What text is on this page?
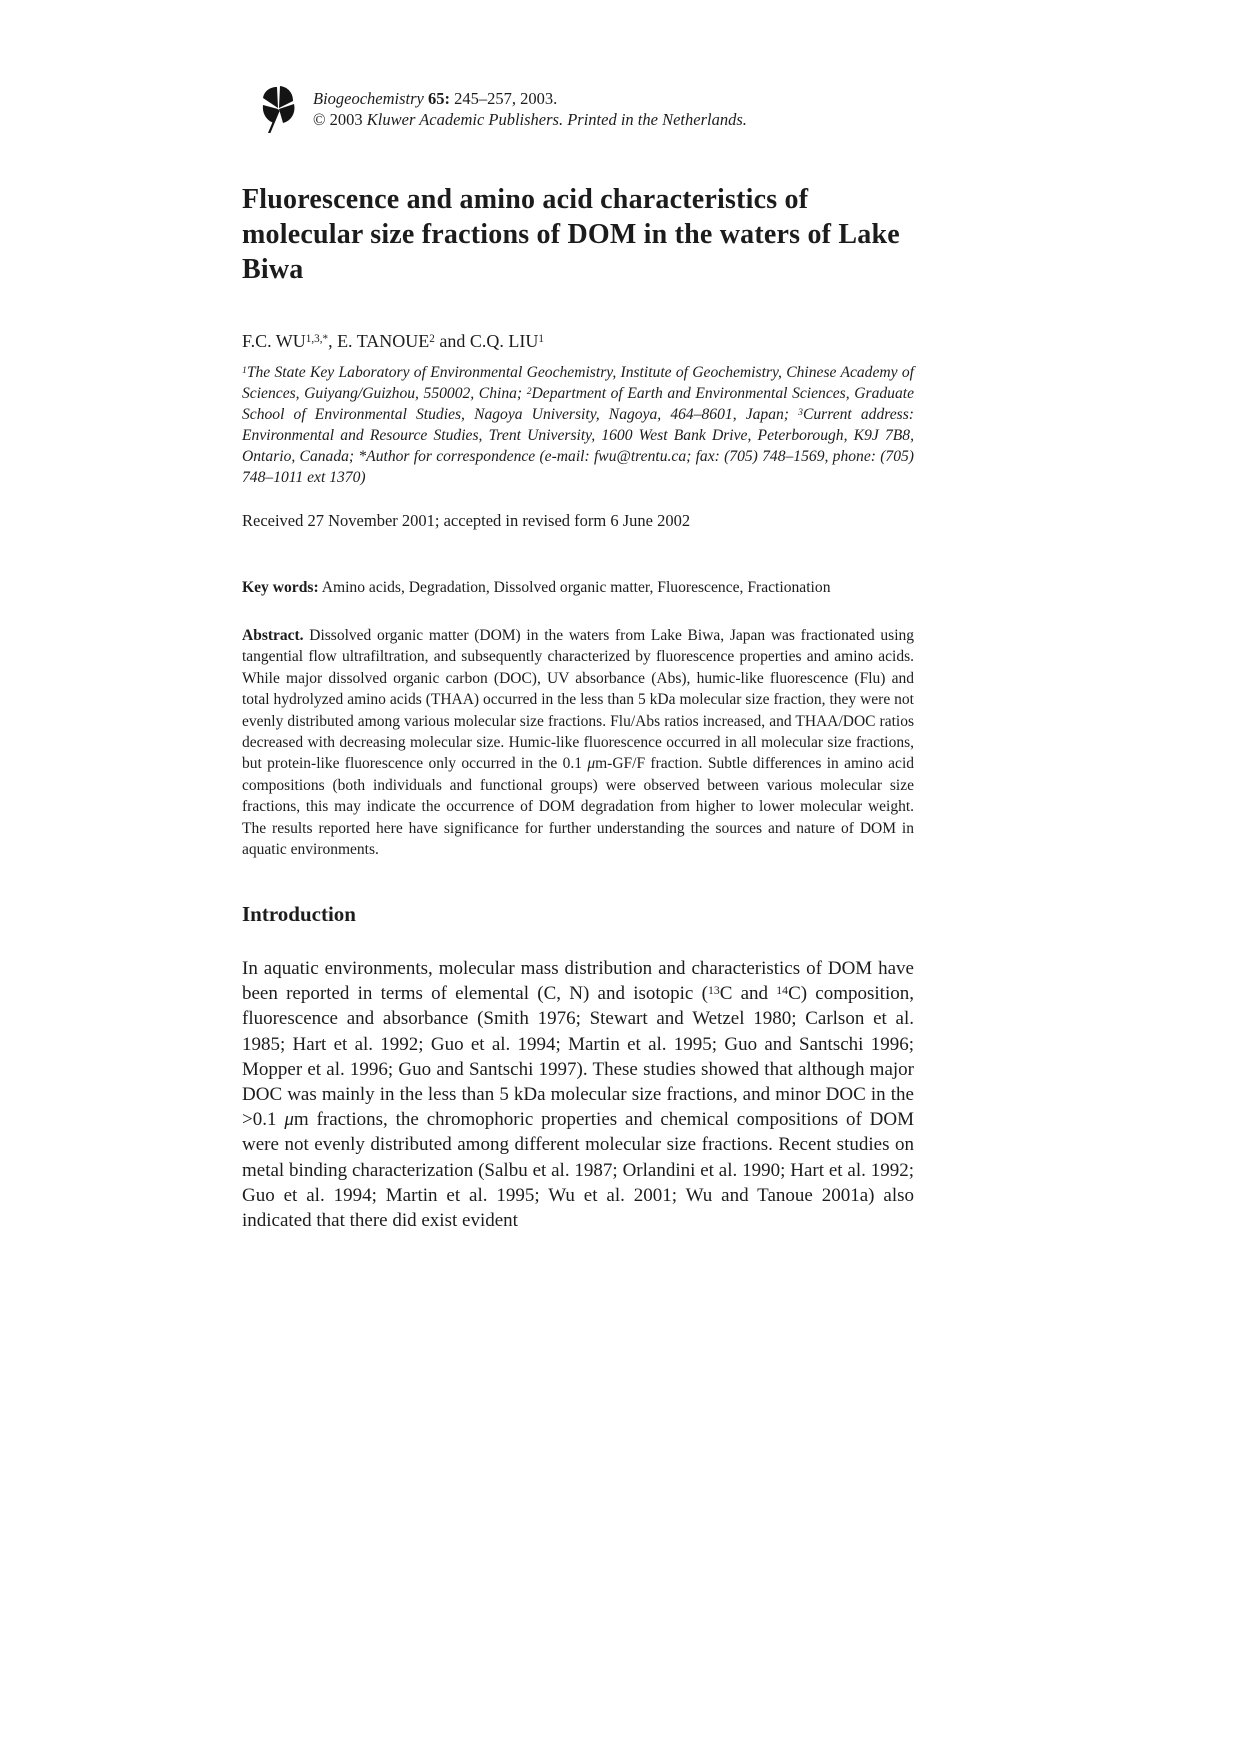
Biogeochemistry 65: 245–257, 2003.
© 2003 Kluwer Academic Publishers. Printed in the Netherlands.
Fluorescence and amino acid characteristics of
molecular size fractions of DOM in the waters of Lake
Biwa
F.C. $WU^{1,3,*}$, E. TANOUE$^2$ and C.Q. LIU$^1$
$^1$The State Key Laboratory of Environmental Geochemistry, Institute of Geochemistry, Chinese Academy of Sciences, Guiyang/Guizhou, 550002, China; $^2$Department of Earth and Environmental Sciences, Graduate School of Environmental Studies, Nagoya University, Nagoya, 464–8601, Japan; $^3$Current address: Environmental and Resource Studies, Trent University, 1600 West Bank Drive, Peterborough, K9J 7B8, Ontario, Canada; *Author for correspondence (e-mail: fwu@trentu.ca; fax: (705) 748–1569, phone: (705) 748–1011 ext 1370)
Received 27 November 2001; accepted in revised form 6 June 2002
Key words: Amino acids, Degradation, Dissolved organic matter, Fluorescence, Fractionation
Abstract. Dissolved organic matter (DOM) in the waters from Lake Biwa, Japan was fractionated using tangential flow ultrafiltration, and subsequently characterized by fluorescence properties and amino acids. While major dissolved organic carbon (DOC), UV absorbance (Abs), humic-like fluorescence (Flu) and total hydrolyzed amino acids (THAA) occurred in the less than 5 kDa molecular size fraction, they were not evenly distributed among various molecular size fractions. Flu/Abs ratios increased, and THAA/DOC ratios decreased with decreasing molecular size. Humic-like fluorescence occurred in all molecular size fractions, but protein-like fluorescence only occurred in the 0.1 μm-GF/F fraction. Subtle differences in amino acid compositions (both individuals and functional groups) were observed between various molecular size fractions, this may indicate the occurrence of DOM degradation from higher to lower molecular weight. The results reported here have significance for further understanding the sources and nature of DOM in aquatic environments.
Introduction
In aquatic environments, molecular mass distribution and characteristics of DOM have been reported in terms of elemental (C, N) and isotopic ($^{13}$C and $^{14}$C) composition, fluorescence and absorbance (Smith 1976; Stewart and Wetzel 1980; Carlson et al. 1985; Hart et al. 1992; Guo et al. 1994; Martin et al. 1995; Guo and Santschi 1996; Mopper et al. 1996; Guo and Santschi 1997). These studies showed that although major DOC was mainly in the less than 5 kDa molecular size fractions, and minor DOC in the >0.1 μm fractions, the chromophoric properties and chemical compositions of DOM were not evenly distributed among different molecular size fractions. Recent studies on metal binding characterization (Salbu et al. 1987; Orlandini et al. 1990; Hart et al. 1992; Guo et al. 1994; Martin et al. 1995; Wu et al. 2001; Wu and Tanoue 2001a) also indicated that there did exist evident
